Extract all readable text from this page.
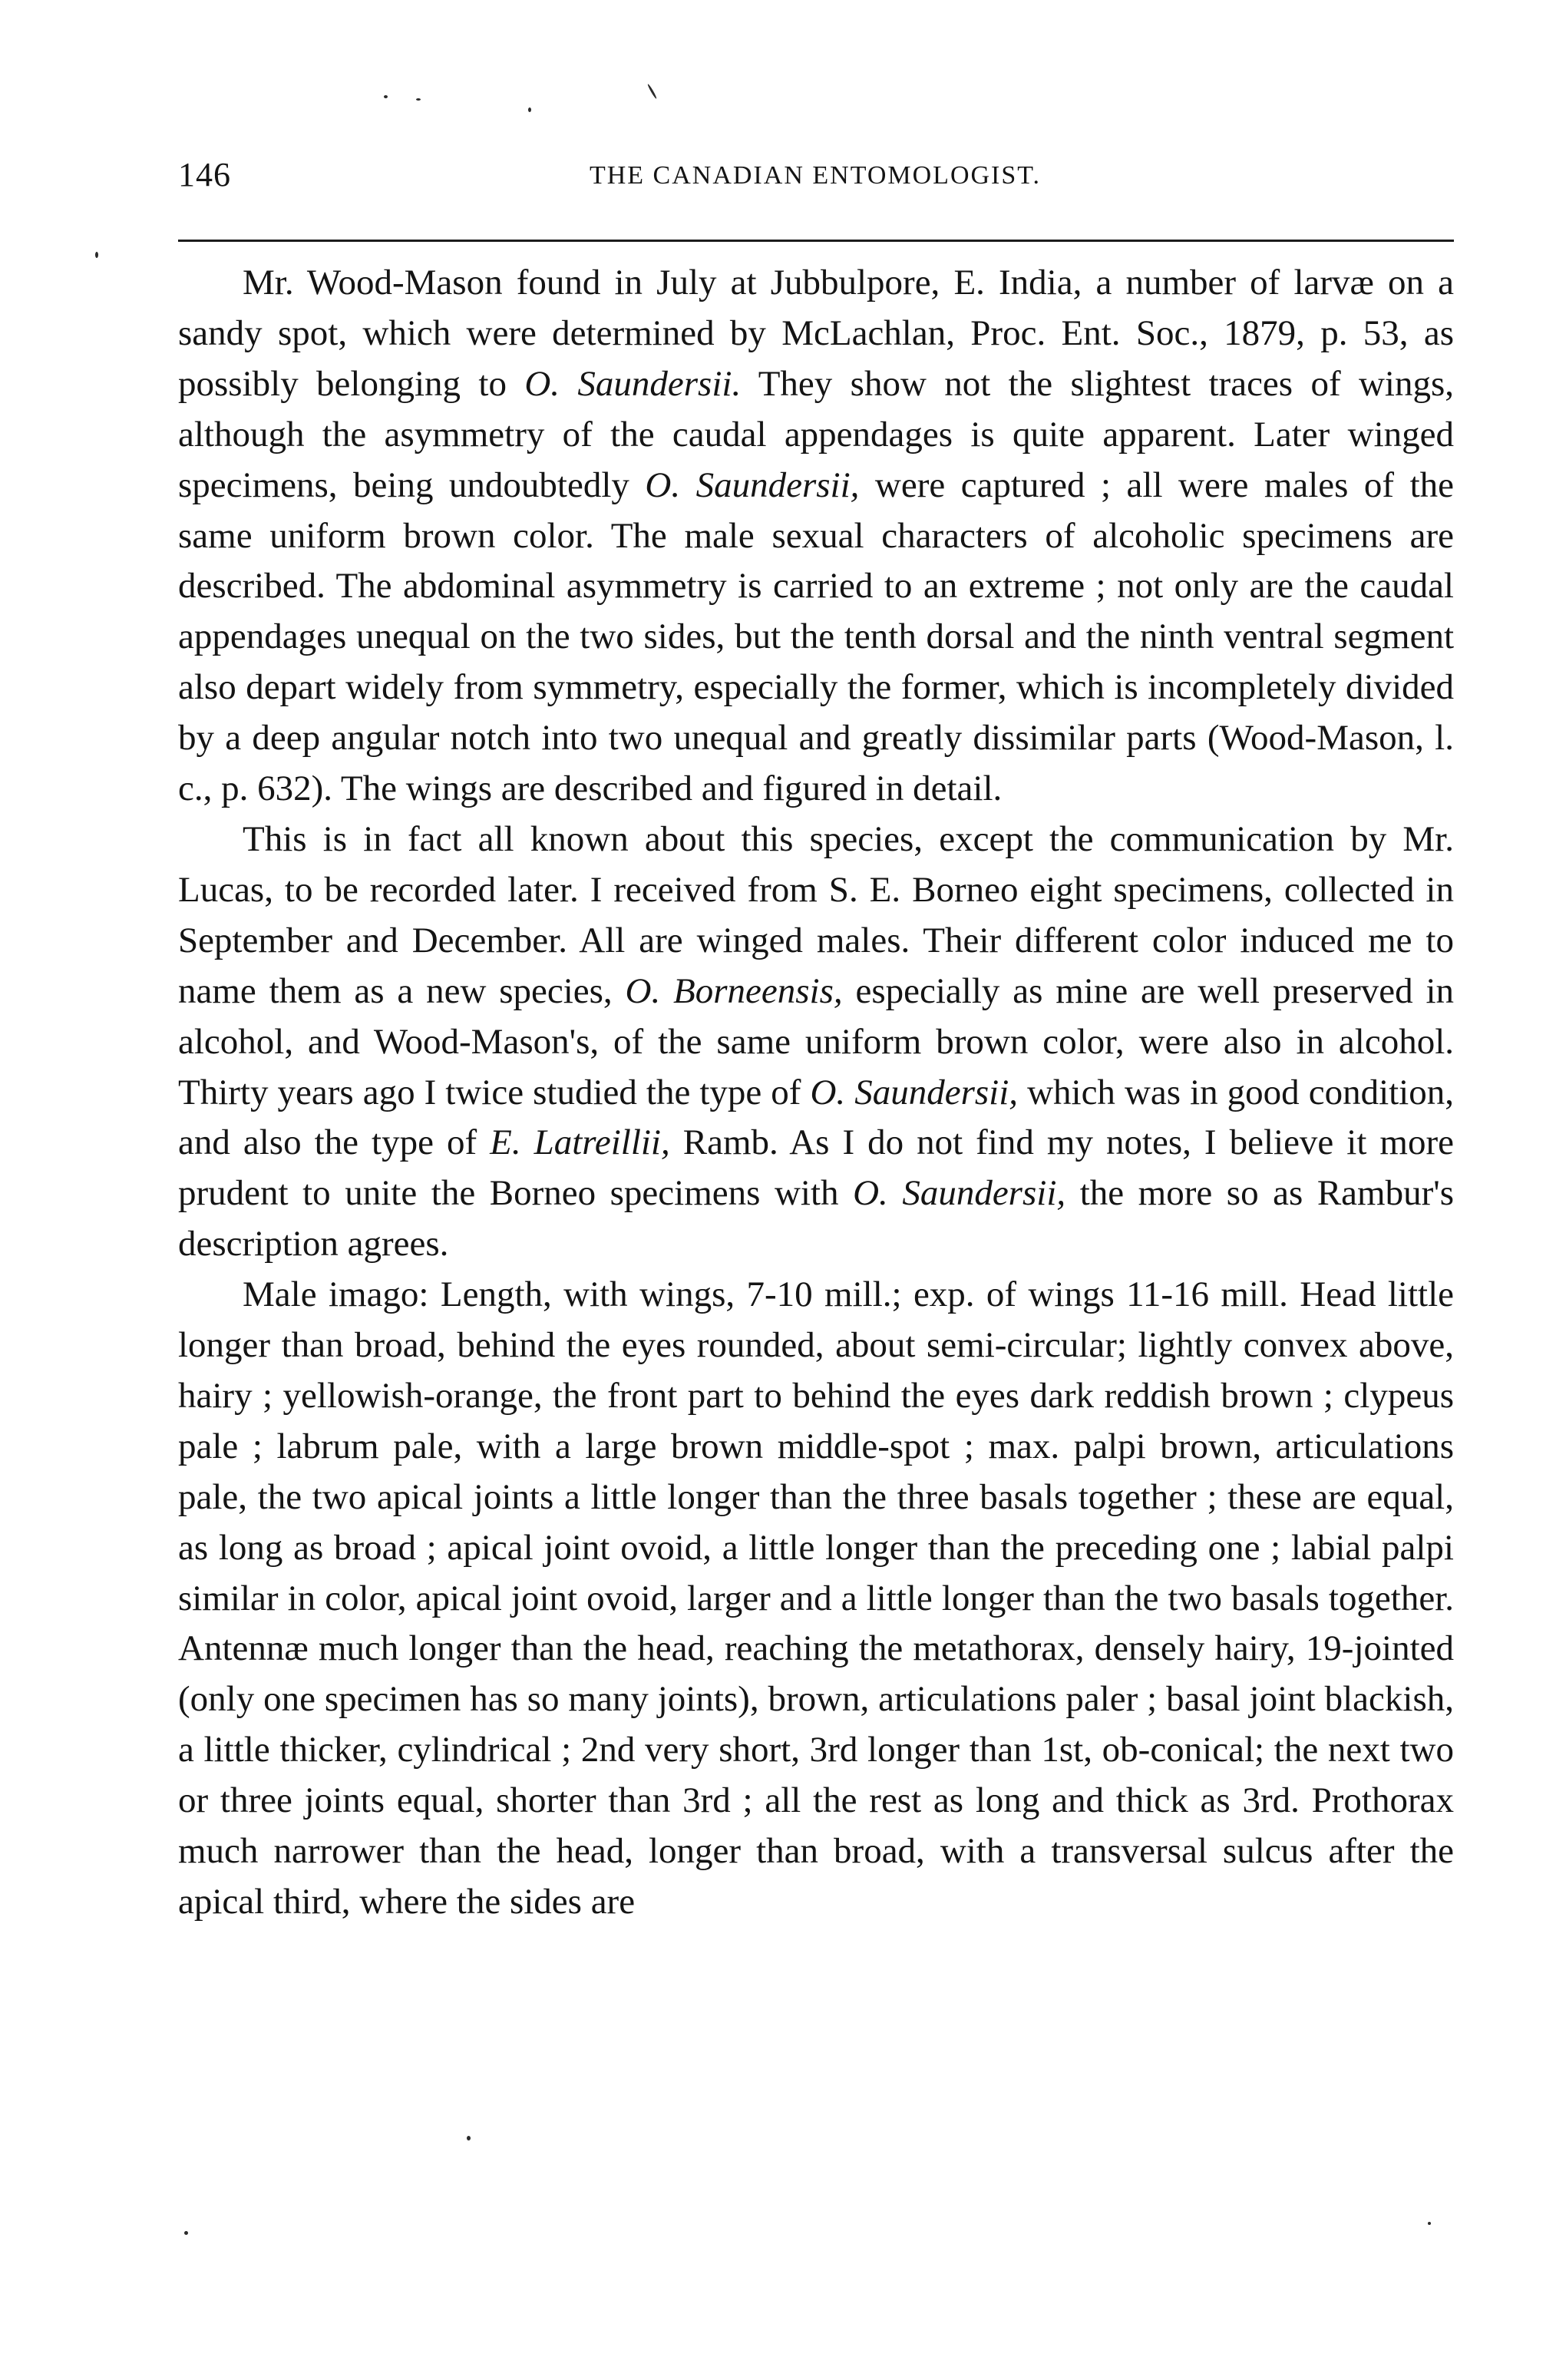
146	THE CANADIAN ENTOMOLOGIST.

Mr. Wood-Mason found in July at Jubbulpore, E. India, a number of larvæ on a sandy spot, which were determined by McLachlan, Proc. Ent. Soc., 1879, p. 53, as possibly belonging to O. Saundersii. They show not the slightest traces of wings, although the asymmetry of the caudal appendages is quite apparent. Later winged specimens, being undoubtedly O. Saundersii, were captured ; all were males of the same uniform brown color. The male sexual characters of alcoholic specimens are described. The abdominal asymmetry is carried to an extreme ; not only are the caudal appendages unequal on the two sides, but the tenth dorsal and the ninth ventral segment also depart widely from symmetry, especially the former, which is incompletely divided by a deep angular notch into two unequal and greatly dissimilar parts (Wood-Mason, l. c., p. 632). The wings are described and figured in detail.

This is in fact all known about this species, except the communication by Mr. Lucas, to be recorded later. I received from S. E. Borneo eight specimens, collected in September and December. All are winged males. Their different color induced me to name them as a new species, O. Borneensis, especially as mine are well preserved in alcohol, and Wood-Mason's, of the same uniform brown color, were also in alcohol. Thirty years ago I twice studied the type of O. Saundersii, which was in good condition, and also the type of E. Latreillii, Ramb. As I do not find my notes, I believe it more prudent to unite the Borneo specimens with O. Saundersii, the more so as Rambur's description agrees.

Male imago: Length, with wings, 7-10 mill.; exp. of wings 11-16 mill. Head little longer than broad, behind the eyes rounded, about semi-circular; lightly convex above, hairy ; yellowish-orange, the front part to behind the eyes dark reddish brown ; clypeus pale ; labrum pale, with a large brown middle-spot ; max. palpi brown, articulations pale, the two apical joints a little longer than the three basals together ; these are equal, as long as broad ; apical joint ovoid, a little longer than the preceding one ; labial palpi similar in color, apical joint ovoid, larger and a little longer than the two basals together. Antennæ much longer than the head, reaching the metathorax, densely hairy, 19-jointed (only one specimen has so many joints), brown, articulations paler ; basal joint blackish, a little thicker, cylindrical ; 2nd very short, 3rd longer than 1st, ob-conical; the next two or three joints equal, shorter than 3rd ; all the rest as long and thick as 3rd. Prothorax much narrower than the head, longer than broad, with a transversal sulcus after the apical third, where the sides are
